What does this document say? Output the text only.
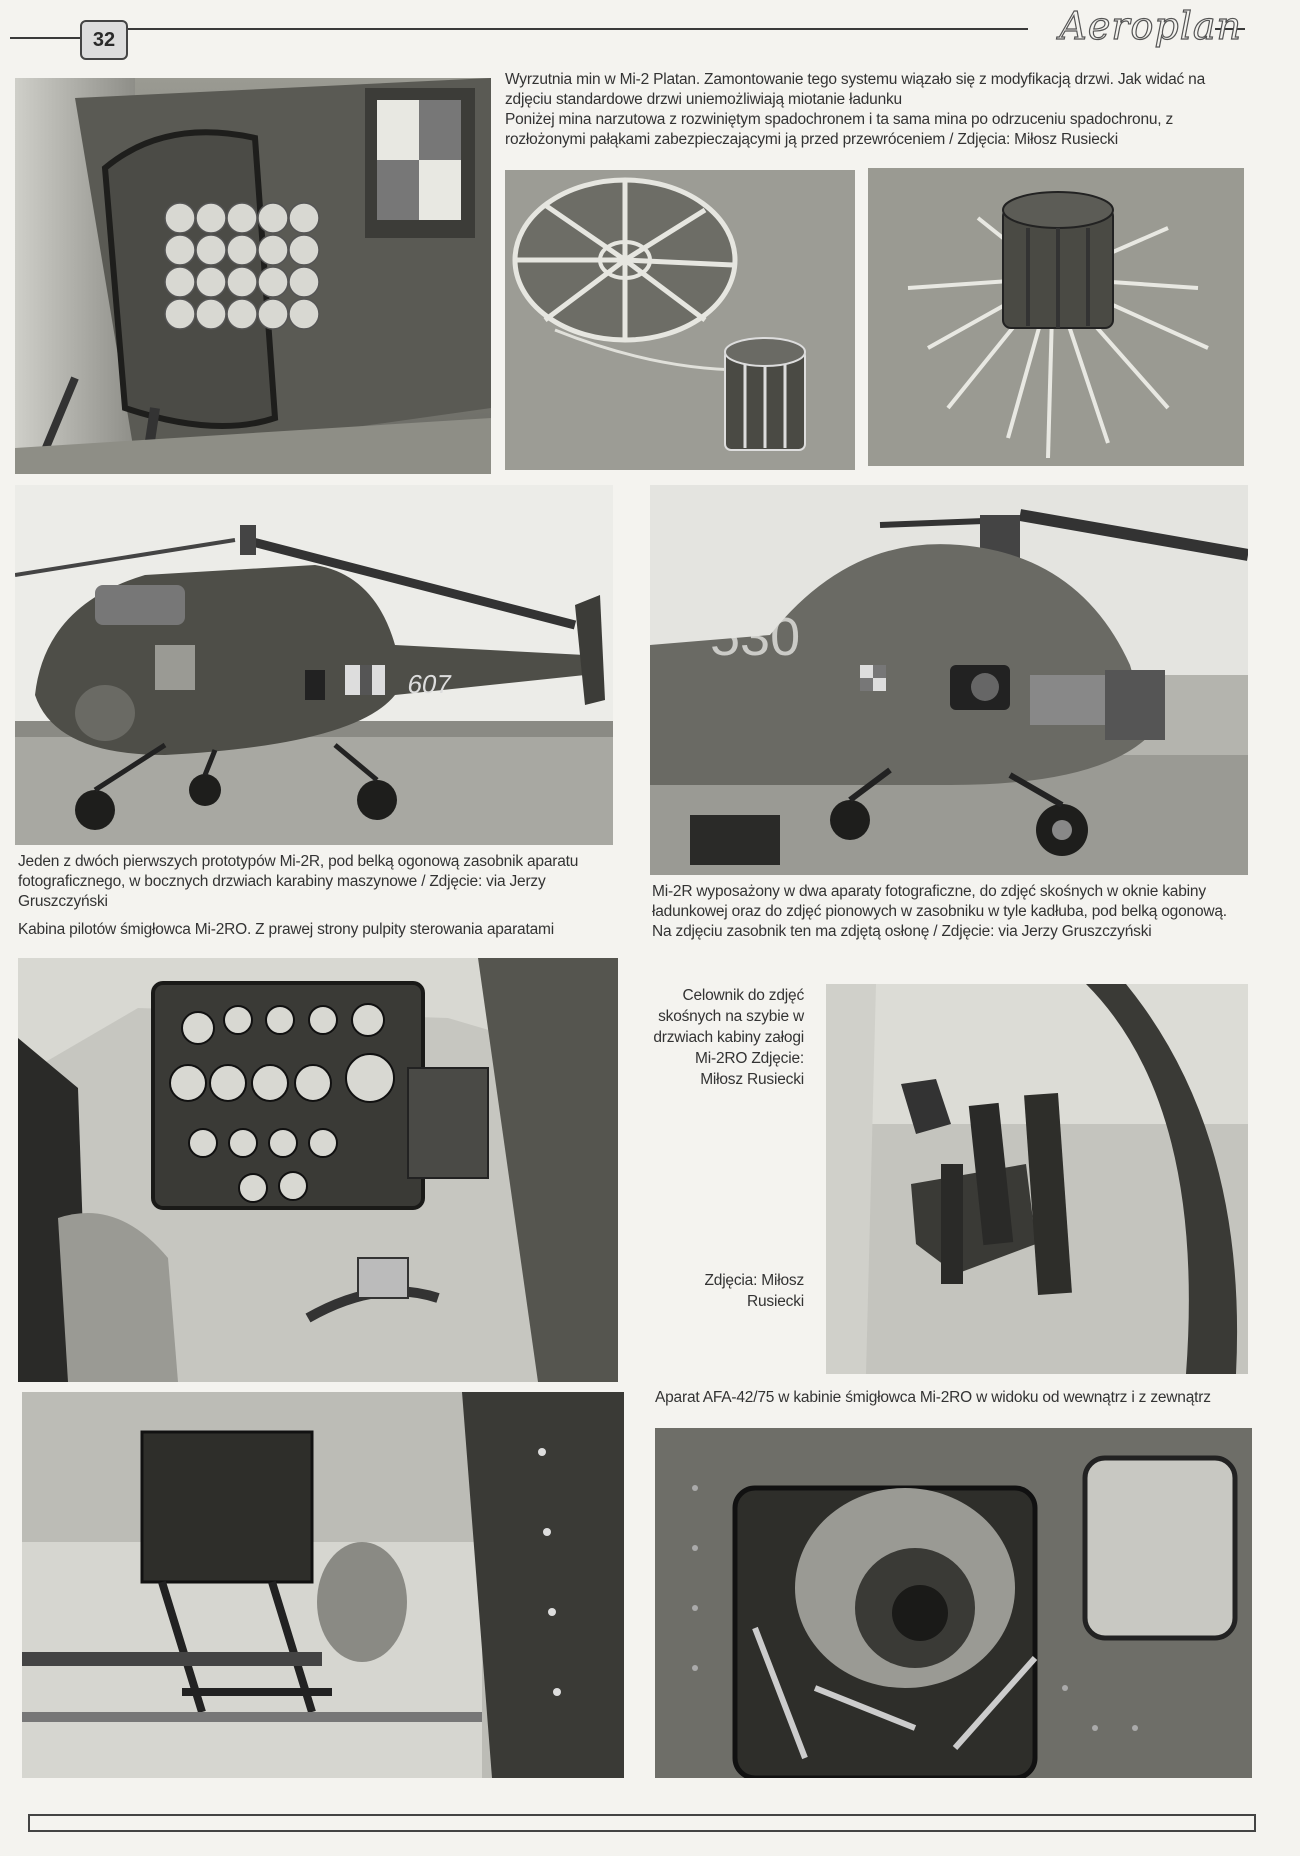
32	Aeroplan

Wyrzutnia min w Mi-2 Platan. Zamontowanie tego systemu wiązało się z modyfikacją drzwi. Jak widać na zdjęciu standardowe drzwi uniemożliwiają miotanie ładunku

Poniżej mina narzutowa z rozwiniętym spadochronem i ta sama mina po odrzuceniu spadochronu, z rozłożonymi pałąkami zabezpieczającymi ją przed przewróceniem / Zdjęcia: Miłosz Rusiecki

607

Jeden z dwóch pierwszych prototypów Mi-2R, pod belką ogonową zasobnik aparatu fotograficznego, w bocznych drzwiach karabiny maszynowe / Zdjęcie: via Jerzy Gruszczyński

Kabina pilotów śmigłowca Mi-2RO. Z prawej strony pulpity sterowania aparatami

530

Mi-2R wyposażony w dwa aparaty fotograficzne, do zdjęć skośnych w oknie kabiny ładunkowej oraz do zdjęć pionowych w zasobniku w tyle kadłuba, pod belką ogonową. Na zdjęciu zasobnik ten ma zdjętą osłonę / Zdjęcie: via Jerzy Gruszczyński

Celownik do zdjęć skośnych na szybie w drzwiach kabiny załogi Mi-2RO Zdjęcie: Miłosz Rusiecki

Zdjęcia: Miłosz Rusiecki

Aparat AFA-42/75 w kabinie śmigłowca Mi-2RO w widoku od wewnątrz i z zewnątrz
